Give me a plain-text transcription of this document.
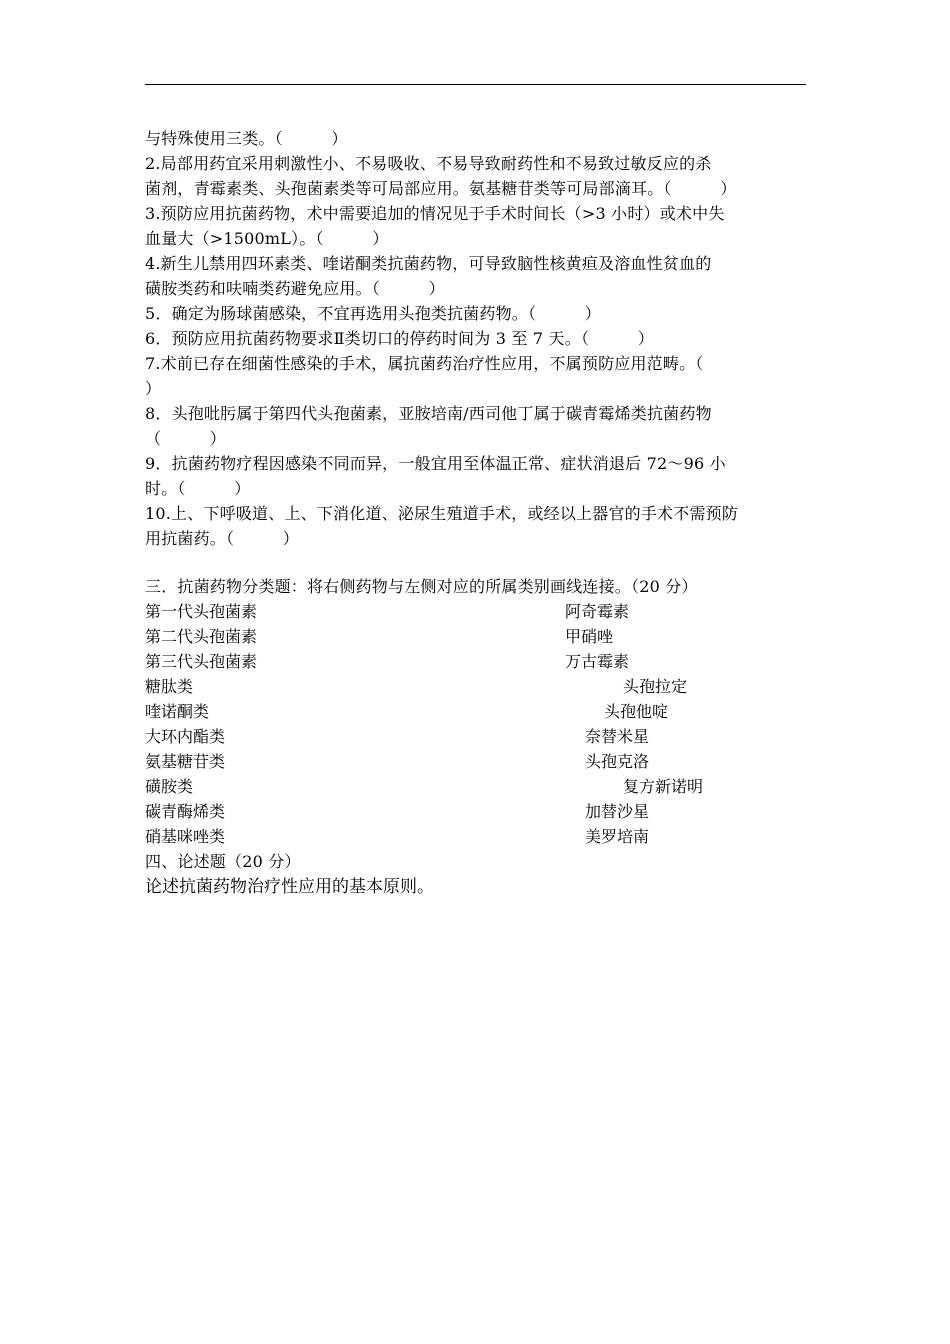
与特殊使用三类。（　　　）
2.局部用药宜采用刺激性小、不易吸收、不易导致耐药性和不易致过敏反应的杀
菌剂，青霉素类、头孢菌素类等可局部应用。氨基糖苷类等可局部滴耳。（　　　）
3.预防应用抗菌药物，术中需要追加的情况见于手术时间长（>3 小时）或术中失
血量大（>1500mL）。（　　　）
4.新生儿禁用四环素类、喹诺酮类抗菌药物，可导致脑性核黄疸及溶血性贫血的
磺胺类药和呋喃类药避免应用。（　　　）
5．确定为肠球菌感染，不宜再选用头孢类抗菌药物。（　　　）
6．预防应用抗菌药物要求Ⅱ类切口的停药时间为 3 至 7 天。（　　　）
7.术前已存在细菌性感染的手术，属抗菌药治疗性应用，不属预防应用范畴。（
）
8．头孢吡肟属于第四代头孢菌素，亚胺培南/西司他丁属于碳青霉烯类抗菌药物
（　　　）
9．抗菌药物疗程因感染不同而异，一般宜用至体温正常、症状消退后 72～96 小
时。（　　　）
10.上、下呼吸道、上、下消化道、泌尿生殖道手术，或经以上器官的手术不需预防
用抗菌药。（　　　）
三．抗菌药物分类题：将右侧药物与左侧对应的所属类别画线连接。（20 分）
第一代头孢菌素	阿奇霉素
第二代头孢菌素	甲硝唑
第三代头孢菌素	万古霉素
糖肽类	头孢拉定
喹诺酮类	头孢他啶
大环内酯类	奈替米星
氨基糖苷类	头孢克洛
磺胺类	复方新诺明
碳青酶烯类	加替沙星
硝基咪唑类	美罗培南
四、论述题（20 分）
论述抗菌药物治疗性应用的基本原则。
